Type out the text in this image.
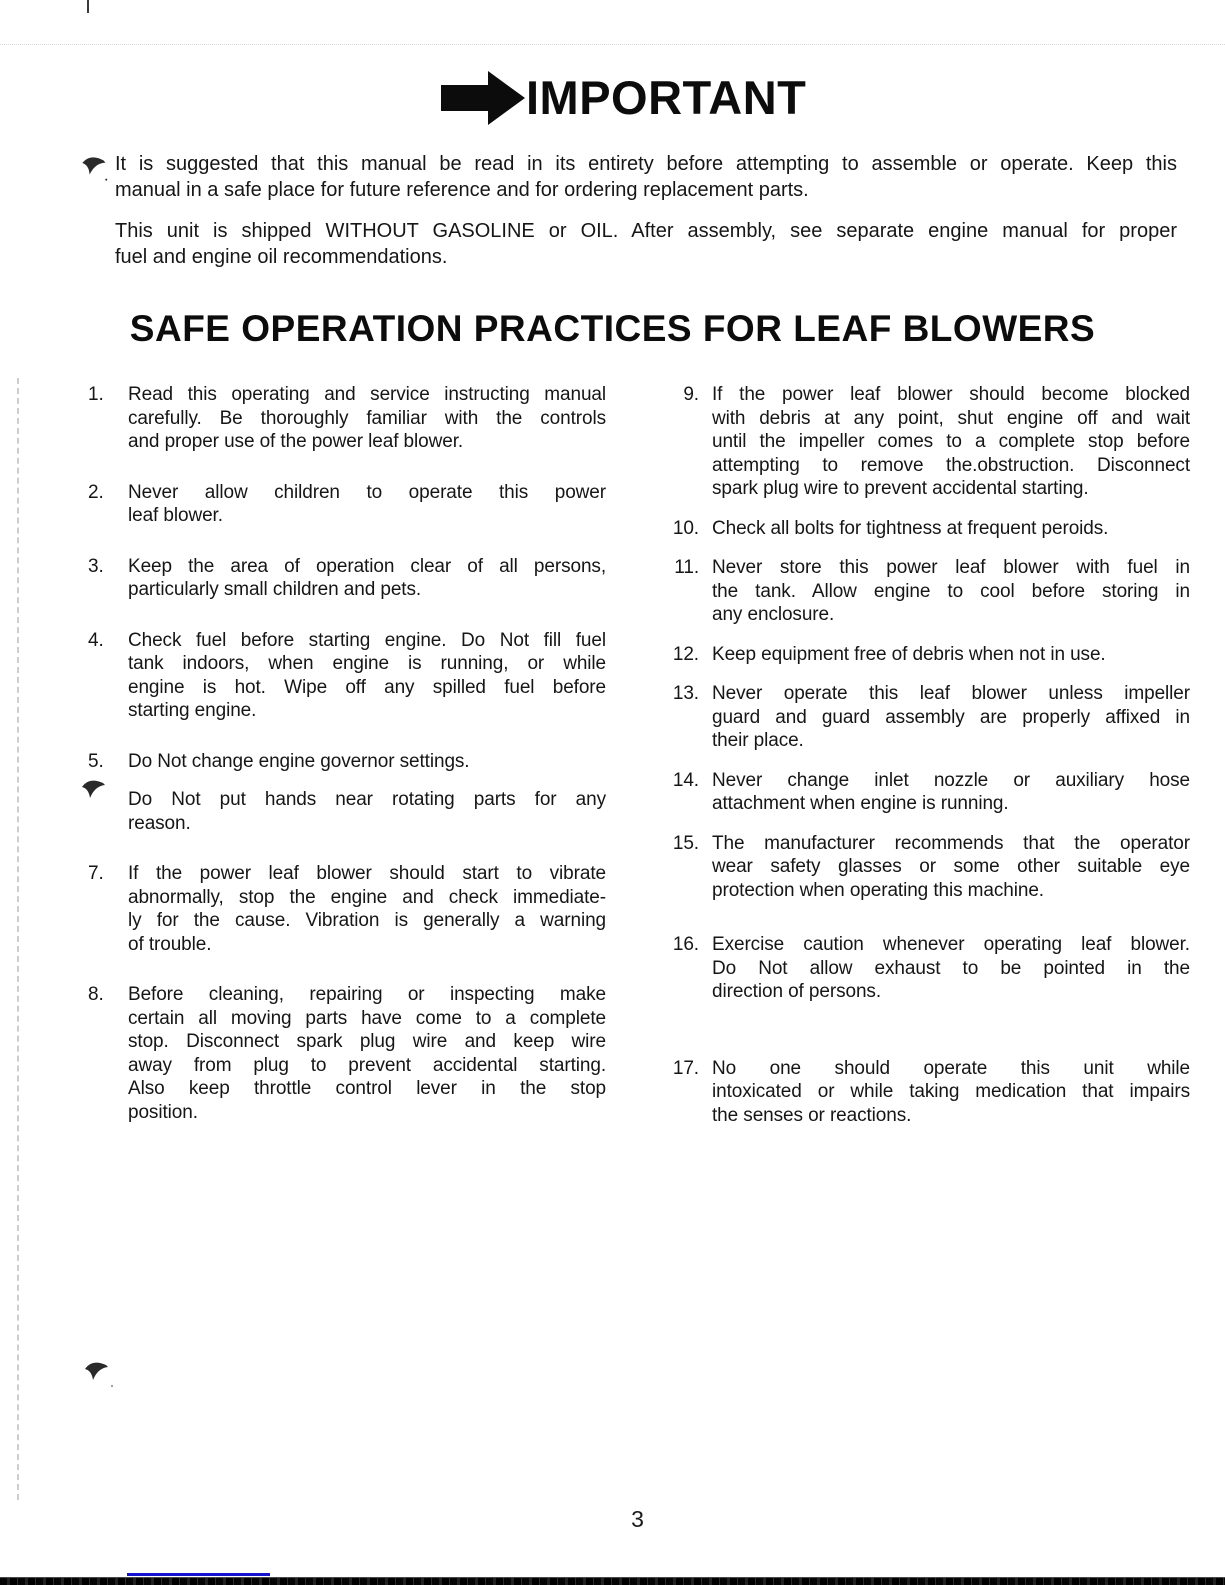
IMPORTANT
It is suggested that this manual be read in its entirety before attempting to assemble or operate. Keep this
manual in a safe place for future reference and for ordering replacement parts.
This unit is shipped WITHOUT GASOLINE or OIL. After assembly, see separate engine manual for proper
fuel and engine oil recommendations.
SAFE OPERATION PRACTICES FOR LEAF BLOWERS
1.	Read this operating and service instructing manual
carefully. Be thoroughly familiar with the controls
and proper use of the power leaf blower.
2.	Never allow children to operate this power
leaf blower.
3.	Keep the area of operation clear of all persons,
particularly small children and pets.
4.	Check fuel before starting engine. Do Not fill fuel
tank indoors, when engine is running, or while
engine is hot. Wipe off any spilled fuel before
starting engine.
5.	Do Not change engine governor settings.
Do Not put hands near rotating parts for any
reason.
7.	If the power leaf blower should start to vibrate
abnormally, stop the engine and check immediate-
ly for the cause. Vibration is generally a warning
of trouble.
8.	Before cleaning, repairing or inspecting make
certain all moving parts have come to a complete
stop. Disconnect spark plug wire and keep wire
away from plug to prevent accidental starting.
Also keep throttle control lever in the stop
position.
9. If the power leaf blower should become blocked
with debris at any point, shut engine off and wait
until the impeller comes to a complete stop before
attempting to remove the.obstruction. Disconnect
spark plug wire to prevent accidental starting.
10. Check all bolts for tightness at frequent peroids.
11. Never store this power leaf blower with fuel in
the tank. Allow engine to cool before storing in
any enclosure.
12. Keep equipment free of debris when not in use.
13. Never operate this leaf blower unless impeller
guard and guard assembly are properly affixed in
their place.
14. Never change inlet nozzle or auxiliary hose
attachment when engine is running.
15. The manufacturer recommends that the operator
wear safety glasses or some other suitable eye
protection when operating this machine.
16. Exercise caution whenever operating leaf blower.
Do Not allow exhaust to be pointed in the
direction of persons.
17. No one should operate this unit while
intoxicated or while taking medication that impairs
the senses or reactions.
3
